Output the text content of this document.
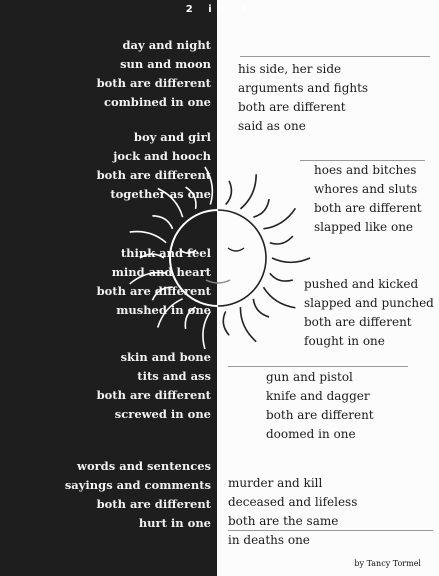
2 in 1
day and night
sun and moon
both are different
combined in one
boy and girl
jock and hooch
both are different
together as one
think and feel
mind and heart
both are different
mushed in one
skin and bone
tits and ass
both are different
screwed in one
words and sentences
sayings and comments
both are different
hurt in one
his side, her side
arguments and fights
both are different
said as one
hoes and bitches
whores and sluts
both are different
slapped like one
pushed and kicked
slapped and punched
both are different
fought in one
gun and pistol
knife and dagger
both are different
doomed in one
murder and kill
deceased and lifeless
both are the same
in deaths one
by Tancy Tormel
